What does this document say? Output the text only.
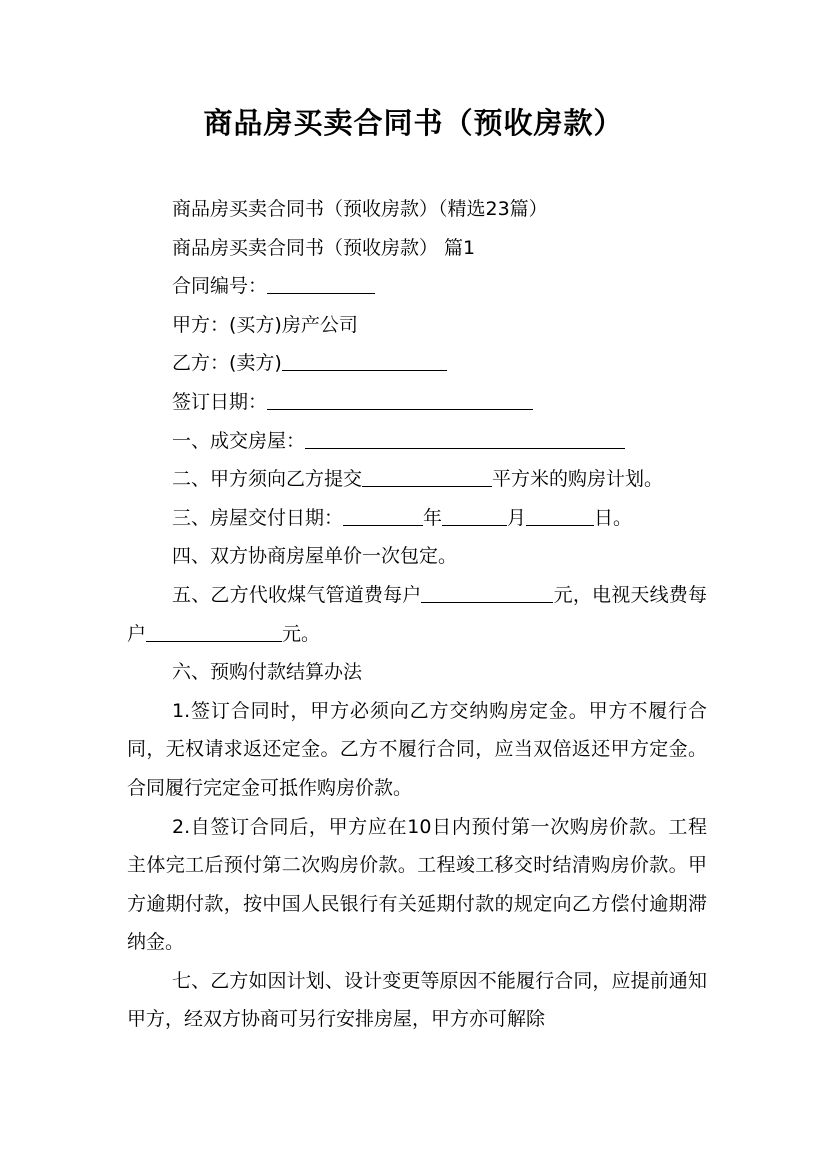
商品房买卖合同书（预收房款）

商品房买卖合同书（预收房款）（精选23篇）

商品房买卖合同书（预收房款） 篇1

合同编号：

甲方：(买方)房产公司

乙方：(卖方)

签订日期：

一、成交房屋：

二、甲方须向乙方提交	平方米的购房计划。

三、房屋交付日期：	年	月	日。

四、双方协商房屋单价一次包定。

五、乙方代收煤气管道费每户	元，电视天线费每户	元。

六、预购付款结算办法

1.签订合同时，甲方必须向乙方交纳购房定金。甲方不履行合同，无权请求返还定金。乙方不履行合同，应当双倍返还甲方定金。合同履行完定金可抵作购房价款。

2.自签订合同后，甲方应在10日内预付第一次购房价款。工程主体完工后预付第二次购房价款。工程竣工移交时结清购房价款。甲方逾期付款，按中国人民银行有关延期付款的规定向乙方偿付逾期滞纳金。

七、乙方如因计划、设计变更等原因不能履行合同，应提前通知甲方，经双方协商可另行安排房屋，甲方亦可解除
